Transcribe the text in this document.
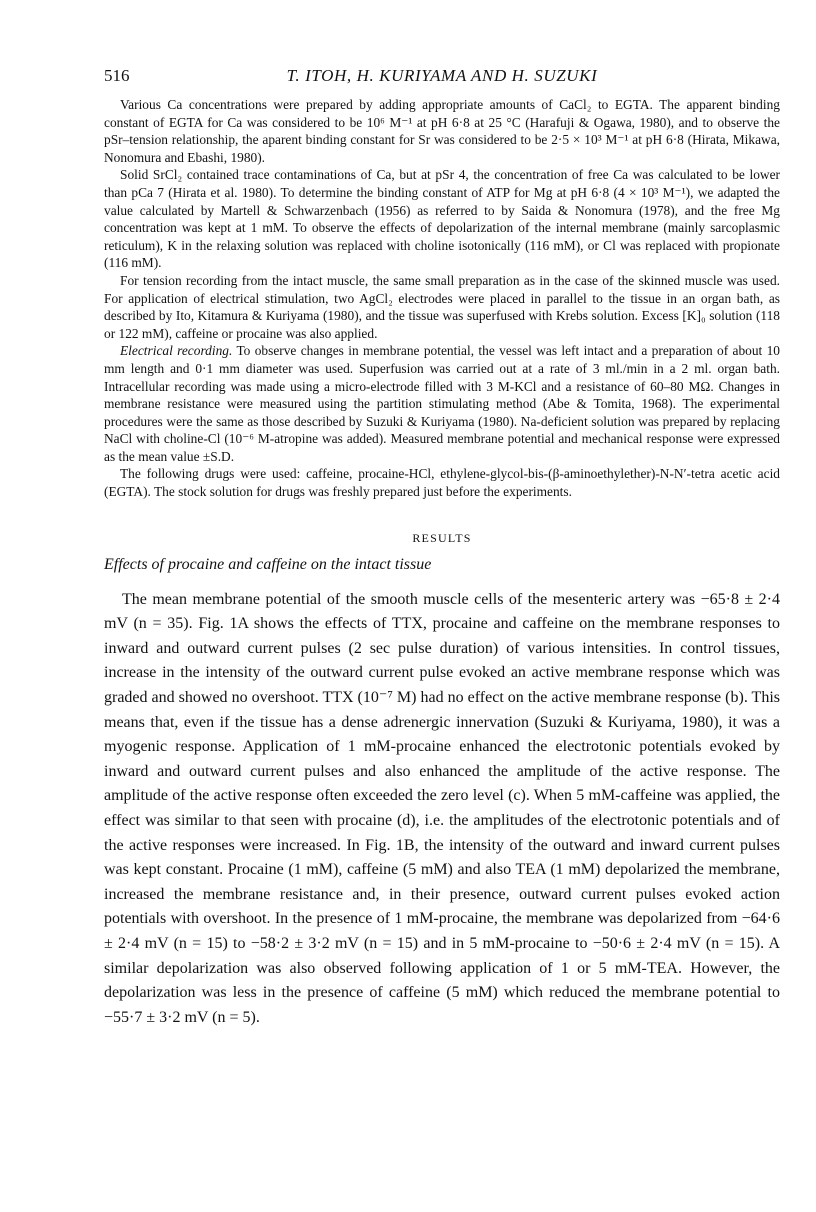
516	T. ITOH, H. KURIYAMA AND H. SUZUKI

Various Ca concentrations were prepared by adding appropriate amounts of CaCl₂ to EGTA. The apparent binding constant of EGTA for Ca was considered to be 10⁶ M⁻¹ at pH 6·8 at 25 °C (Harafuji & Ogawa, 1980), and to observe the pSr–tension relationship, the aparent binding constant for Sr was considered to be 2·5 × 10³ M⁻¹ at pH 6·8 (Hirata, Mikawa, Nonomura and Ebashi, 1980).

Solid SrCl₂ contained trace contaminations of Ca, but at pSr 4, the concentration of free Ca was calculated to be lower than pCa 7 (Hirata et al. 1980). To determine the binding constant of ATP for Mg at pH 6·8 (4 × 10³ M⁻¹), we adapted the value calculated by Martell & Schwarzenbach (1956) as referred to by Saida & Nonomura (1978), and the free Mg concentration was kept at 1 mM. To observe the effects of depolarization of the internal membrane (mainly sarcoplasmic reticulum), K in the relaxing solution was replaced with choline isotonically (116 mM), or Cl was replaced with propionate (116 mM).

For tension recording from the intact muscle, the same small preparation as in the case of the skinned muscle was used. For application of electrical stimulation, two AgCl₂ electrodes were placed in parallel to the tissue in an organ bath, as described by Ito, Kitamura & Kuriyama (1980), and the tissue was superfused with Krebs solution. Excess [K]₀ solution (118 or 122 mM), caffeine or procaine was also applied.

Electrical recording. To observe changes in membrane potential, the vessel was left intact and a preparation of about 10 mm length and 0·1 mm diameter was used. Superfusion was carried out at a rate of 3 ml./min in a 2 ml. organ bath. Intracellular recording was made using a micro-electrode filled with 3 M-KCl and a resistance of 60–80 MΩ. Changes in membrane resistance were measured using the partition stimulating method (Abe & Tomita, 1968). The experimental procedures were the same as those described by Suzuki & Kuriyama (1980). Na-deficient solution was prepared by replacing NaCl with choline-Cl (10⁻⁶ M-atropine was added). Measured membrane potential and mechanical response were expressed as the mean value ±S.D.

The following drugs were used: caffeine, procaine-HCl, ethylene-glycol-bis-(β-aminoethylether)-N-N′-tetra acetic acid (EGTA). The stock solution for drugs was freshly prepared just before the experiments.

RESULTS
Effects of procaine and caffeine on the intact tissue

The mean membrane potential of the smooth muscle cells of the mesenteric artery was −65·8 ± 2·4 mV (n = 35). Fig. 1A shows the effects of TTX, procaine and caffeine on the membrane responses to inward and outward current pulses (2 sec pulse duration) of various intensities. In control tissues, increase in the intensity of the outward current pulse evoked an active membrane response which was graded and showed no overshoot. TTX (10⁻⁷ M) had no effect on the active membrane response (b). This means that, even if the tissue has a dense adrenergic innervation (Suzuki & Kuriyama, 1980), it was a myogenic response. Application of 1 mM-procaine enhanced the electrotonic potentials evoked by inward and outward current pulses and also enhanced the amplitude of the active response. The amplitude of the active response often exceeded the zero level (c). When 5 mM-caffeine was applied, the effect was similar to that seen with procaine (d), i.e. the amplitudes of the electrotonic potentials and of the active responses were increased. In Fig. 1B, the intensity of the outward and inward current pulses was kept constant. Procaine (1 mM), caffeine (5 mM) and also TEA (1 mM) depolarized the membrane, increased the membrane resistance and, in their presence, outward current pulses evoked action potentials with overshoot. In the presence of 1 mM-procaine, the membrane was depolarized from −64·6 ± 2·4 mV (n = 15) to −58·2 ± 3·2 mV (n = 15) and in 5 mM-procaine to −50·6 ± 2·4 mV (n = 15). A similar depolarization was also observed following application of 1 or 5 mM-TEA. However, the depolarization was less in the presence of caffeine (5 mM) which reduced the membrane potential to −55·7 ± 3·2 mV (n = 5).
